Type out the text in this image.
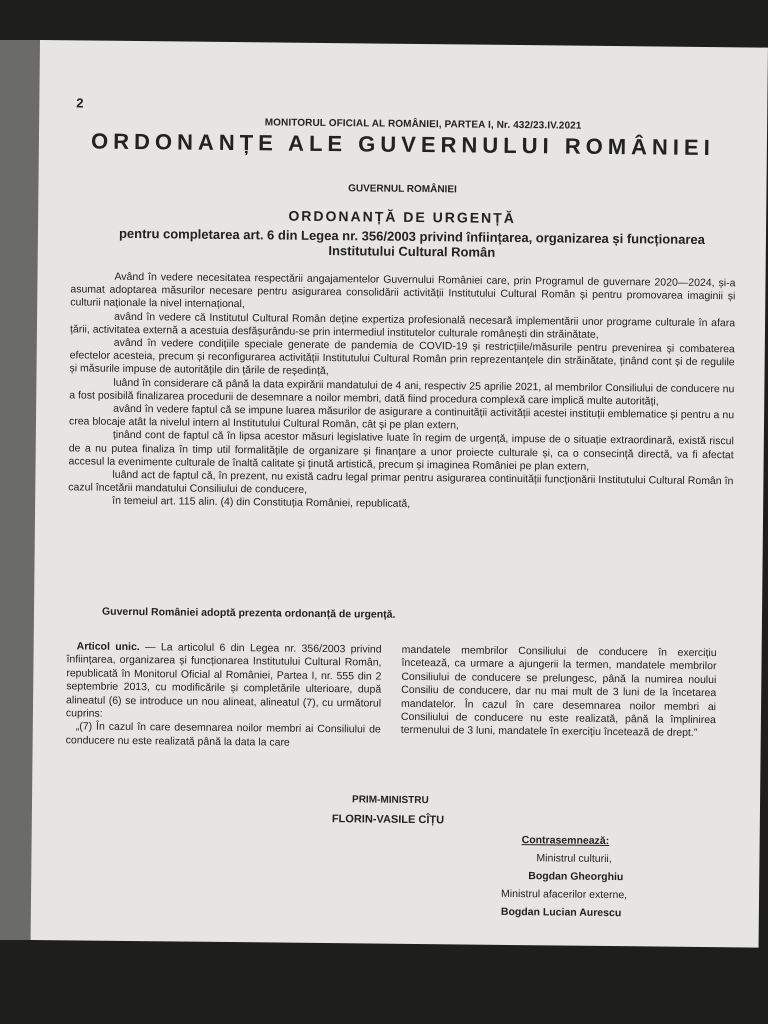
2
MONITORUL OFICIAL AL ROMÂNIEI, PARTEA I, Nr. 432/23.IV.2021
ORDONANȚE ALE GUVERNULUI ROMÂNIEI
GUVERNUL ROMÂNIEI
ORDONANȚĂ DE URGENȚĂ
pentru completarea art. 6 din Legea nr. 356/2003 privind înființarea, organizarea și funcționarea Institutului Cultural Român

Având în vedere necesitatea respectării angajamentelor Guvernului României care, prin Programul de guvernare 2020—2024, și-a asumat adoptarea măsurilor necesare pentru asigurarea consolidării activității Institutului Cultural Român și pentru promovarea imaginii și culturii naționale la nivel internațional,

având în vedere că Institutul Cultural Român deține expertiza profesională necesară implementării unor programe culturale în afara țării, activitatea externă a acestuia desfășurându-se prin intermediul institutelor culturale românești din străinătate,

având în vedere condițiile speciale generate de pandemia de COVID-19 și restricțiile/măsurile pentru prevenirea și combaterea efectelor acesteia, precum și reconfigurarea activității Institutului Cultural Român prin reprezentanțele din străinătate, ținând cont și de regulile și măsurile impuse de autoritățile din țările de reședință,

luând în considerare că până la data expirării mandatului de 4 ani, respectiv 25 aprilie 2021, al membrilor Consiliului de conducere nu a fost posibilă finalizarea procedurii de desemnare a noilor membri, dată fiind procedura complexă care implică multe autorități,

având în vedere faptul că se impune luarea măsurilor de asigurare a continuității activității acestei instituții emblematice și pentru a nu crea blocaje atât la nivelul intern al Institutului Cultural Român, cât și pe plan extern,

ținând cont de faptul că în lipsa acestor măsuri legislative luate în regim de urgență, impuse de o situație extraordinară, există riscul de a nu putea finaliza în timp util formalitățile de organizare și finanțare a unor proiecte culturale și, ca o consecință directă, va fi afectat accesul la evenimente culturale de înaltă calitate și ținută artistică, precum și imaginea României pe plan extern,

luând act de faptul că, în prezent, nu există cadru legal primar pentru asigurarea continuității funcționării Institutului Cultural Român în cazul încetării mandatului Consiliului de conducere,

în temeiul art. 115 alin. (4) din Constituția României, republicată,

Guvernul României adoptă prezenta ordonanță de urgență.

Articol unic. — La articolul 6 din Legea nr. 356/2003 privind înființarea, organizarea și funcționarea Institutului Cultural Român, republicată în Monitorul Oficial al României, Partea I, nr. 555 din 2 septembrie 2013, cu modificările și completările ulterioare, după alineatul (6) se introduce un nou alineat, alineatul (7), cu următorul cuprins:

„(7) În cazul în care desemnarea noilor membri ai Consiliului de conducere nu este realizată până la data la care

mandatele membrilor Consiliului de conducere în exercițiu încetează, ca urmare a ajungerii la termen, mandatele membrilor Consiliului de conducere se prelungesc, până la numirea noului Consiliu de conducere, dar nu mai mult de 3 luni de la încetarea mandatelor. În cazul în care desemnarea noilor membri ai Consiliului de conducere nu este realizată, până la împlinirea termenului de 3 luni, mandatele în exercițiu încetează de drept.”

PRIM-MINISTRU
FLORIN-VASILE CÎȚU
Contrasemnează:
Ministrul culturii,
Bogdan Gheorghiu
Ministrul afacerilor externe,
Bogdan Lucian Aurescu
